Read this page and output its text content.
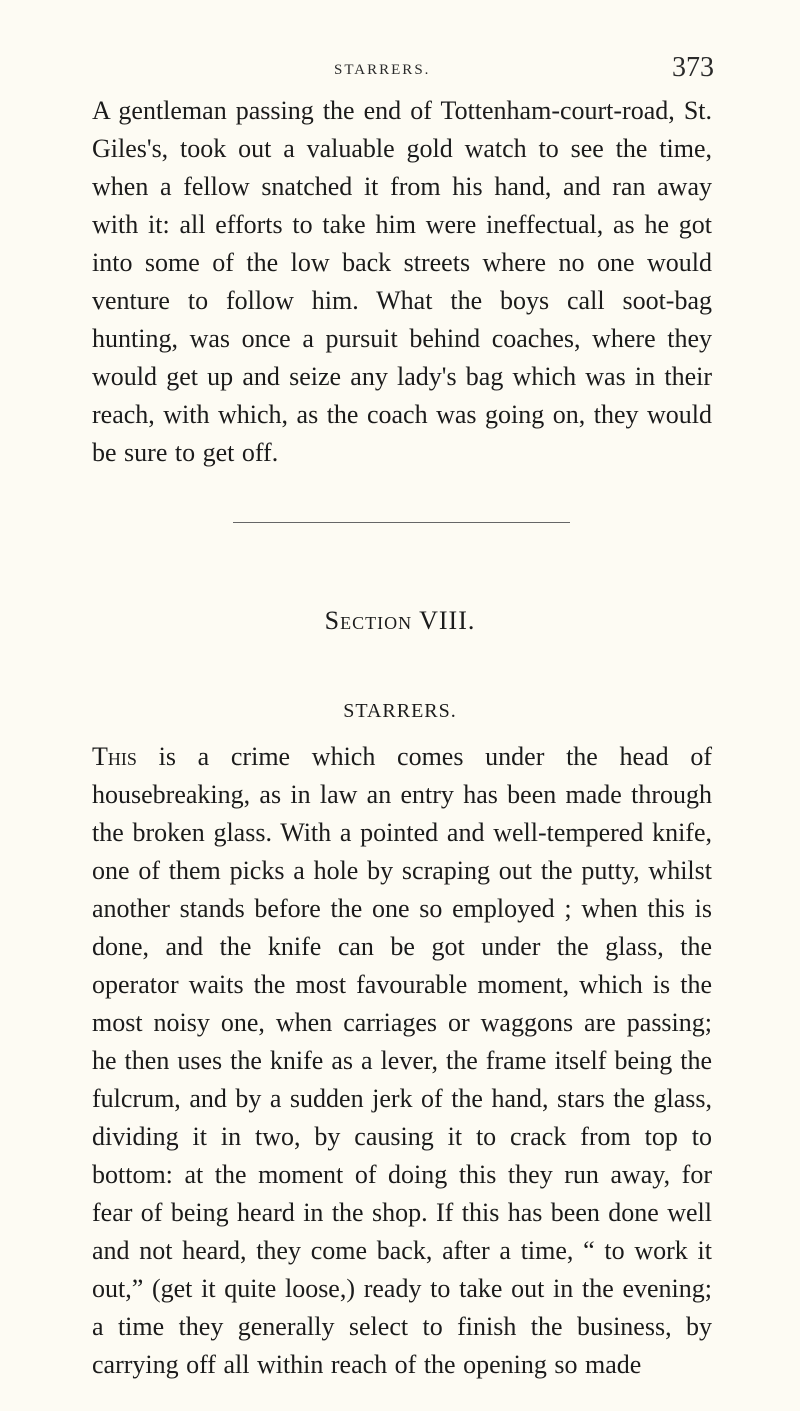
STARRERS.	373

A gentleman passing the end of Tottenham-court-road, St. Giles's, took out a valuable gold watch to see the time, when a fellow snatched it from his hand, and ran away with it: all efforts to take him were ineffectual, as he got into some of the low back streets where no one would venture to follow him. What the boys call soot-bag hunting, was once a pursuit behind coaches, where they would get up and seize any lady's bag which was in their reach, with which, as the coach was going on, they would be sure to get off.

Section VIII.
STARRERS.

This is a crime which comes under the head of housebreaking, as in law an entry has been made through the broken glass. With a pointed and well-tempered knife, one of them picks a hole by scraping out the putty, whilst another stands before the one so employed ; when this is done, and the knife can be got under the glass, the operator waits the most favourable moment, which is the most noisy one, when carriages or waggons are passing; he then uses the knife as a lever, the frame itself being the fulcrum, and by a sudden jerk of the hand, stars the glass, dividing it in two, by causing it to crack from top to bottom: at the moment of doing this they run away, for fear of being heard in the shop. If this has been done well and not heard, they come back, after a time, “ to work it out,” (get it quite loose,) ready to take out in the evening; a time they generally select to finish the business, by carrying off all within reach of the opening so made
